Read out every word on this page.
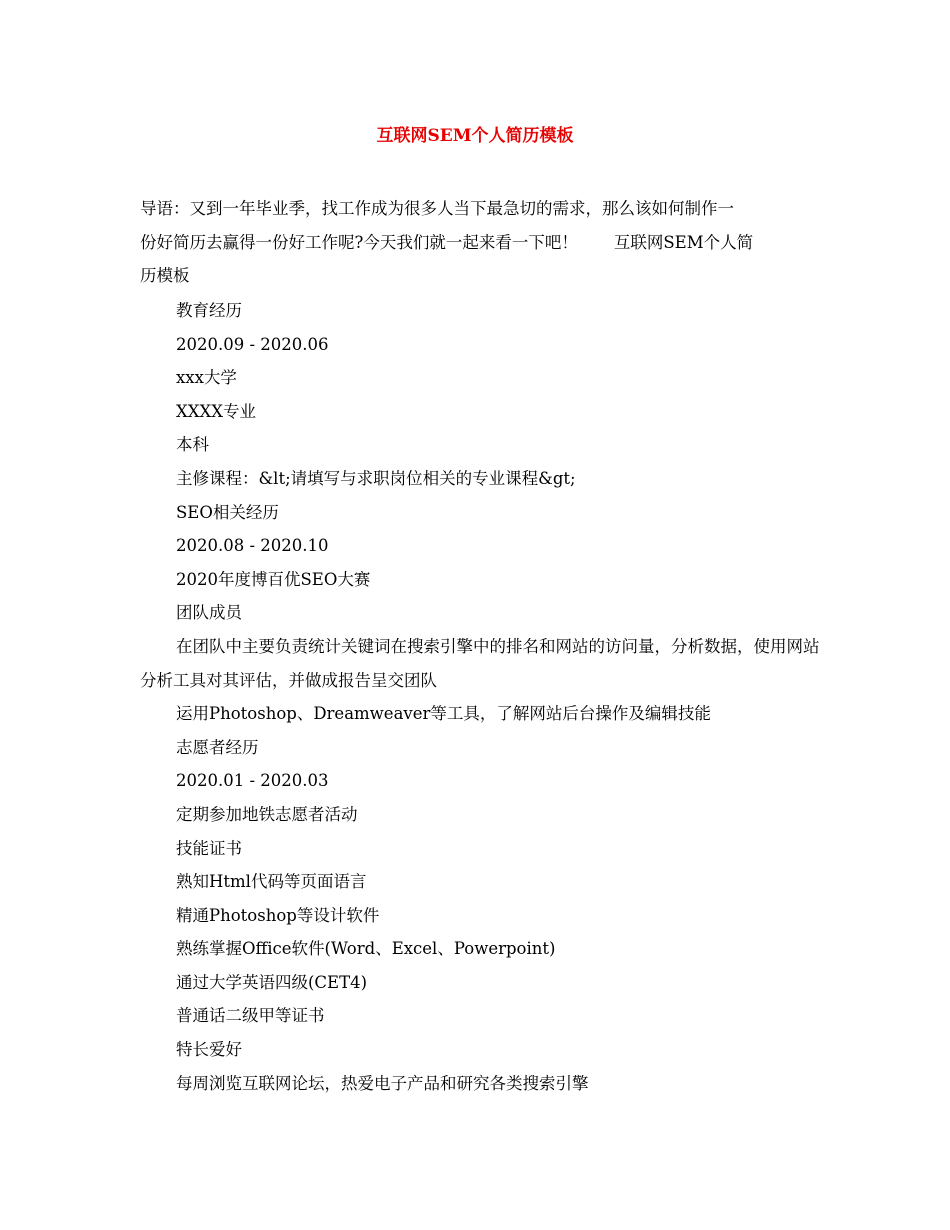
互联网SEM个人简历模板
导语：又到一年毕业季，找工作成为很多人当下最急切的需求，那么该如何制作一
份好简历去赢得一份好工作呢?今天我们就一起来看一下吧！ 互联网SEM个人简
历模板
教育经历
2020.09 - 2020.06
xxx大学
XXXX专业
本科
主修课程：&lt;请填写与求职岗位相关的专业课程&gt;
SEO相关经历
2020.08 - 2020.10
2020年度博百优SEO大赛
团队成员
在团队中主要负责统计关键词在搜索引擎中的排名和网站的访问量，分析数据，使用网站分析工具对其评估，并做成报告呈交团队
运用Photoshop、Dreamweaver等工具，了解网站后台操作及编辑技能
志愿者经历
2020.01 - 2020.03
定期参加地铁志愿者活动
技能证书
熟知Html代码等页面语言
精通Photoshop等设计软件
熟练掌握Office软件(Word、Excel、Powerpoint)
通过大学英语四级(CET4)
普通话二级甲等证书
特长爱好
每周浏览互联网论坛，热爱电子产品和研究各类搜索引擎
